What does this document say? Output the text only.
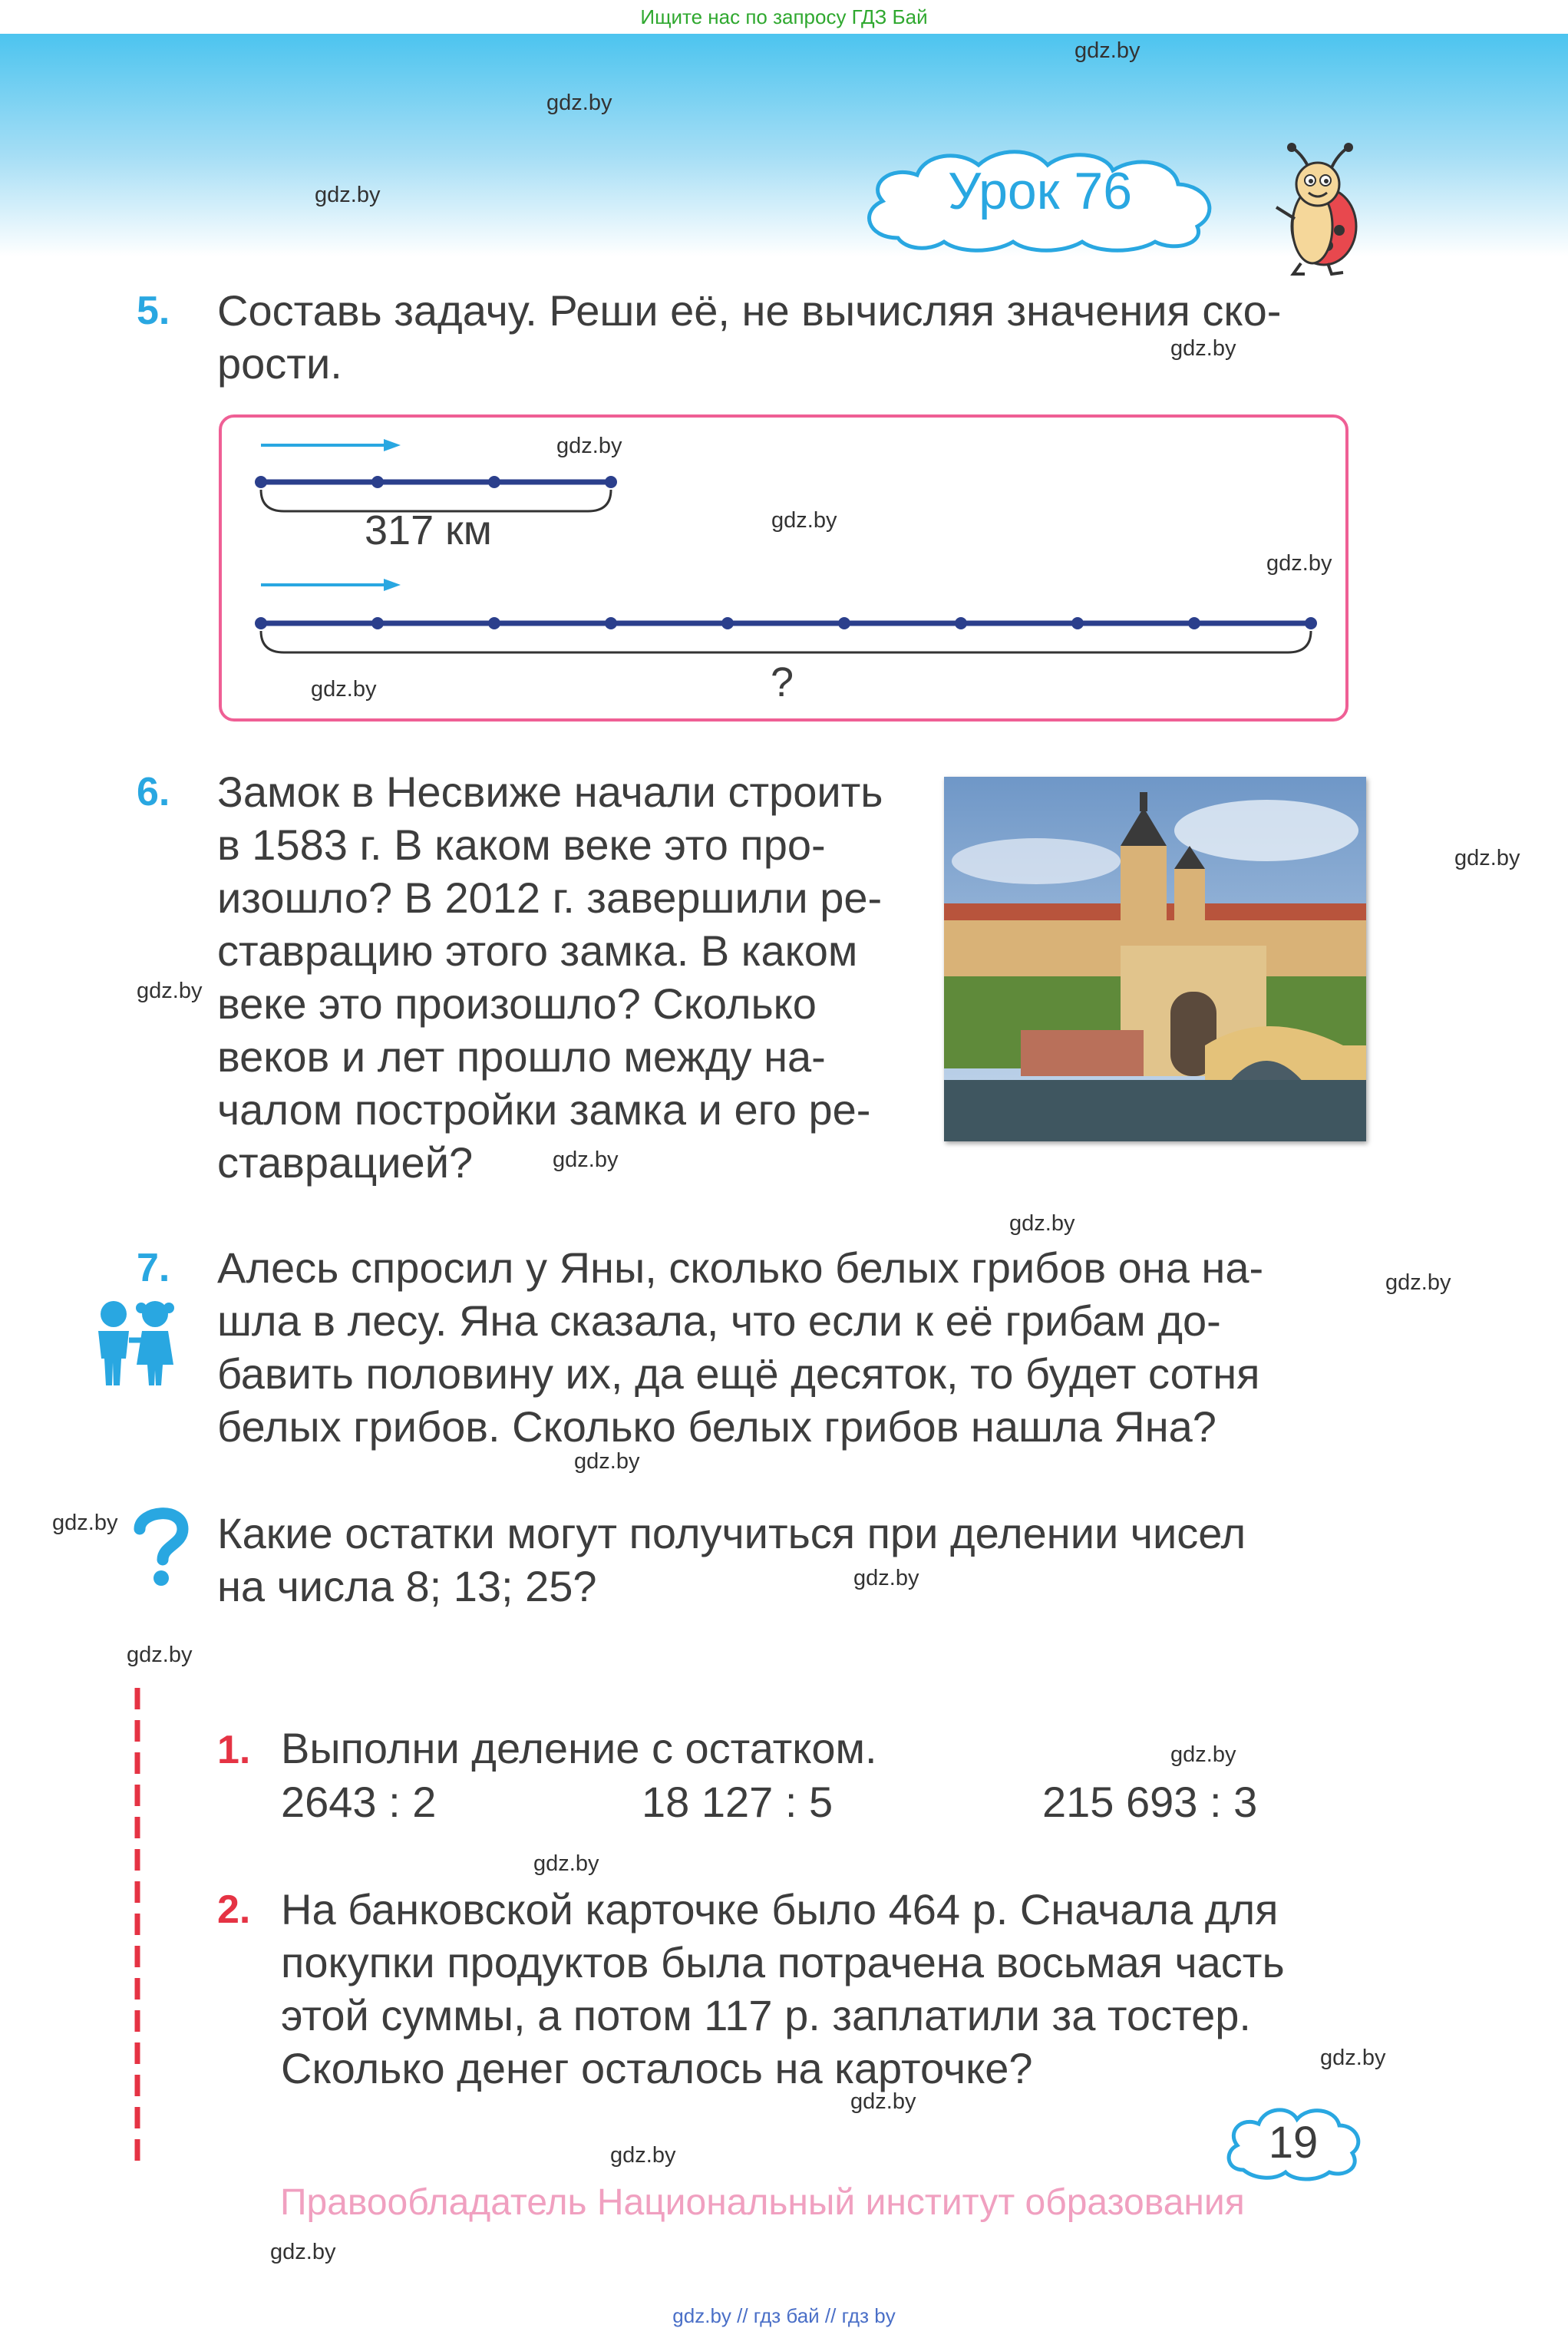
Ищите нас по запросу ГДЗ Бай
gdz.by
gdz.by
gdz.by
gdz.by
gdz.by
gdz.by
gdz.by
gdz.by
gdz.by
gdz.by
gdz.by
gdz.by
gdz.by
gdz.by
gdz.by
gdz.by
gdz.by
gdz.by
gdz.by
gdz.by
gdz.by
gdz.by
gdz.by
Урок 76
5. Составь задачу. Реши её, не вычисляя значения ско-
рости.
317 км
?
6. Замок в Несвиже начали строить
в 1583 г. В каком веке это про-
изошло? В 2012 г. завершили ре-
ставрацию этого замка. В каком
веке это произошло? Сколько
веков и лет прошло между на-
чалом постройки замка и его ре-
ставрацией?
7. Алесь спросил у Яны, сколько белых грибов она на-
шла в лесу. Яна сказала, что если к её грибам до-
бавить половину их, да ещё десяток, то будет сотня
белых грибов. Сколько белых грибов нашла Яна?
Какие остатки могут получиться при делении чисел
на числа 8; 13; 25?
1. Выполни деление с остатком.
2643 : 2	18 127 : 5	215 693 : 3
2. На банковской карточке было 464 р. Сначала для
покупки продуктов была потрачена восьмая часть
этой суммы, а потом 117 р. заплатили за тостер.
Сколько денег осталось на карточке?
19
Правообладатель Национальный институт образования
gdz.by // гдз бай // гдз by
